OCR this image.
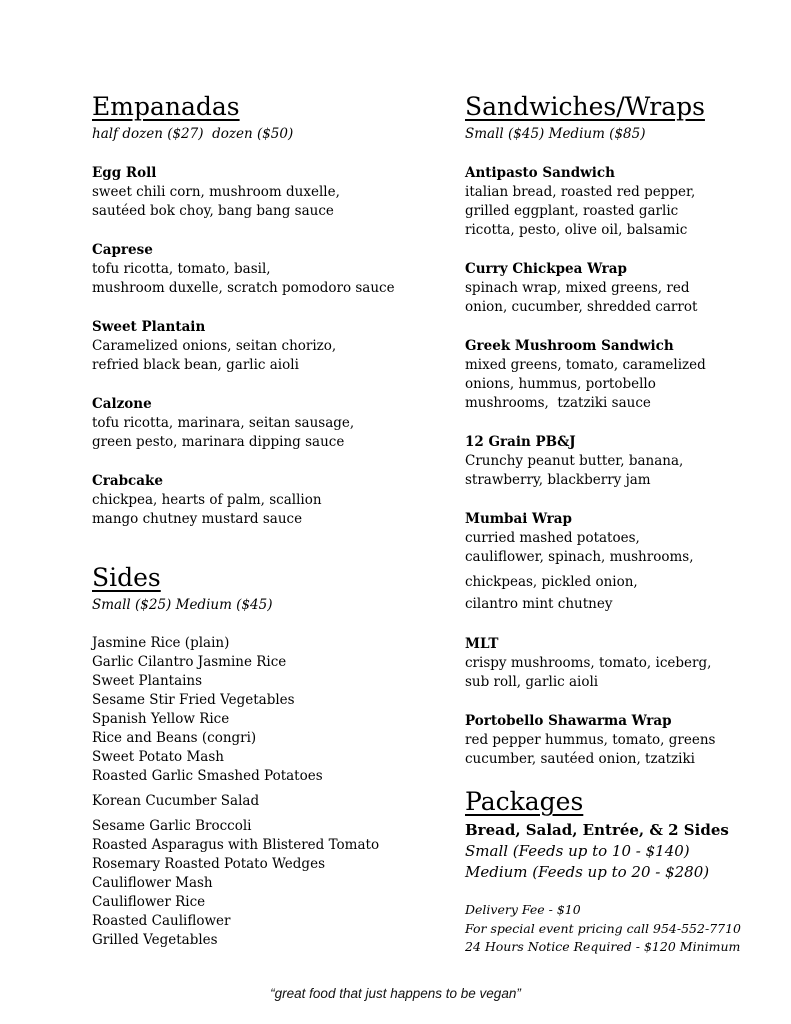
Empanadas
half dozen ($27)  dozen ($50)
Egg Roll
sweet chili corn, mushroom duxelle,
sautéed bok choy, bang bang sauce
Caprese
tofu ricotta, tomato, basil,
mushroom duxelle, scratch pomodoro sauce
Sweet Plantain
Caramelized onions, seitan chorizo,
refried black bean, garlic aioli
Calzone
tofu ricotta, marinara, seitan sausage,
green pesto, marinara dipping sauce
Crabcake
chickpea, hearts of palm, scallion
mango chutney mustard sauce
Sides
Small ($25) Medium ($45)
Jasmine Rice (plain)
Garlic Cilantro Jasmine Rice
Sweet Plantains
Sesame Stir Fried Vegetables
Spanish Yellow Rice
Rice and Beans (congri)
Sweet Potato Mash
Roasted Garlic Smashed Potatoes
Korean Cucumber Salad
Sesame Garlic Broccoli
Roasted Asparagus with Blistered Tomato
Rosemary Roasted Potato Wedges
Cauliflower Mash
Cauliflower Rice
Roasted Cauliflower
Grilled Vegetables
Sandwiches/Wraps
Small ($45) Medium ($85)
Antipasto Sandwich
italian bread, roasted red pepper,
grilled eggplant, roasted garlic
ricotta, pesto, olive oil, balsamic
Curry Chickpea Wrap
spinach wrap, mixed greens, red
onion, cucumber, shredded carrot
Greek Mushroom Sandwich
mixed greens, tomato, caramelized
onions, hummus, portobello
mushrooms,  tzatziki sauce
12 Grain PB&J
Crunchy peanut butter, banana,
strawberry, blackberry jam
Mumbai Wrap
curried mashed potatoes,
cauliflower, spinach, mushrooms,
chickpeas, pickled onion,
cilantro mint chutney
MLT
crispy mushrooms, tomato, iceberg,
sub roll, garlic aioli
Portobello Shawarma Wrap
red pepper hummus, tomato, greens
cucumber, sautéed onion, tzatziki
Packages
Bread, Salad, Entrée, & 2 Sides
Small (Feeds up to 10 - $140)
Medium (Feeds up to 20 - $280)
Delivery Fee - $10
For special event pricing call 954-552-7710
24 Hours Notice Required - $120 Minimum
“great food that just happens to be vegan”
